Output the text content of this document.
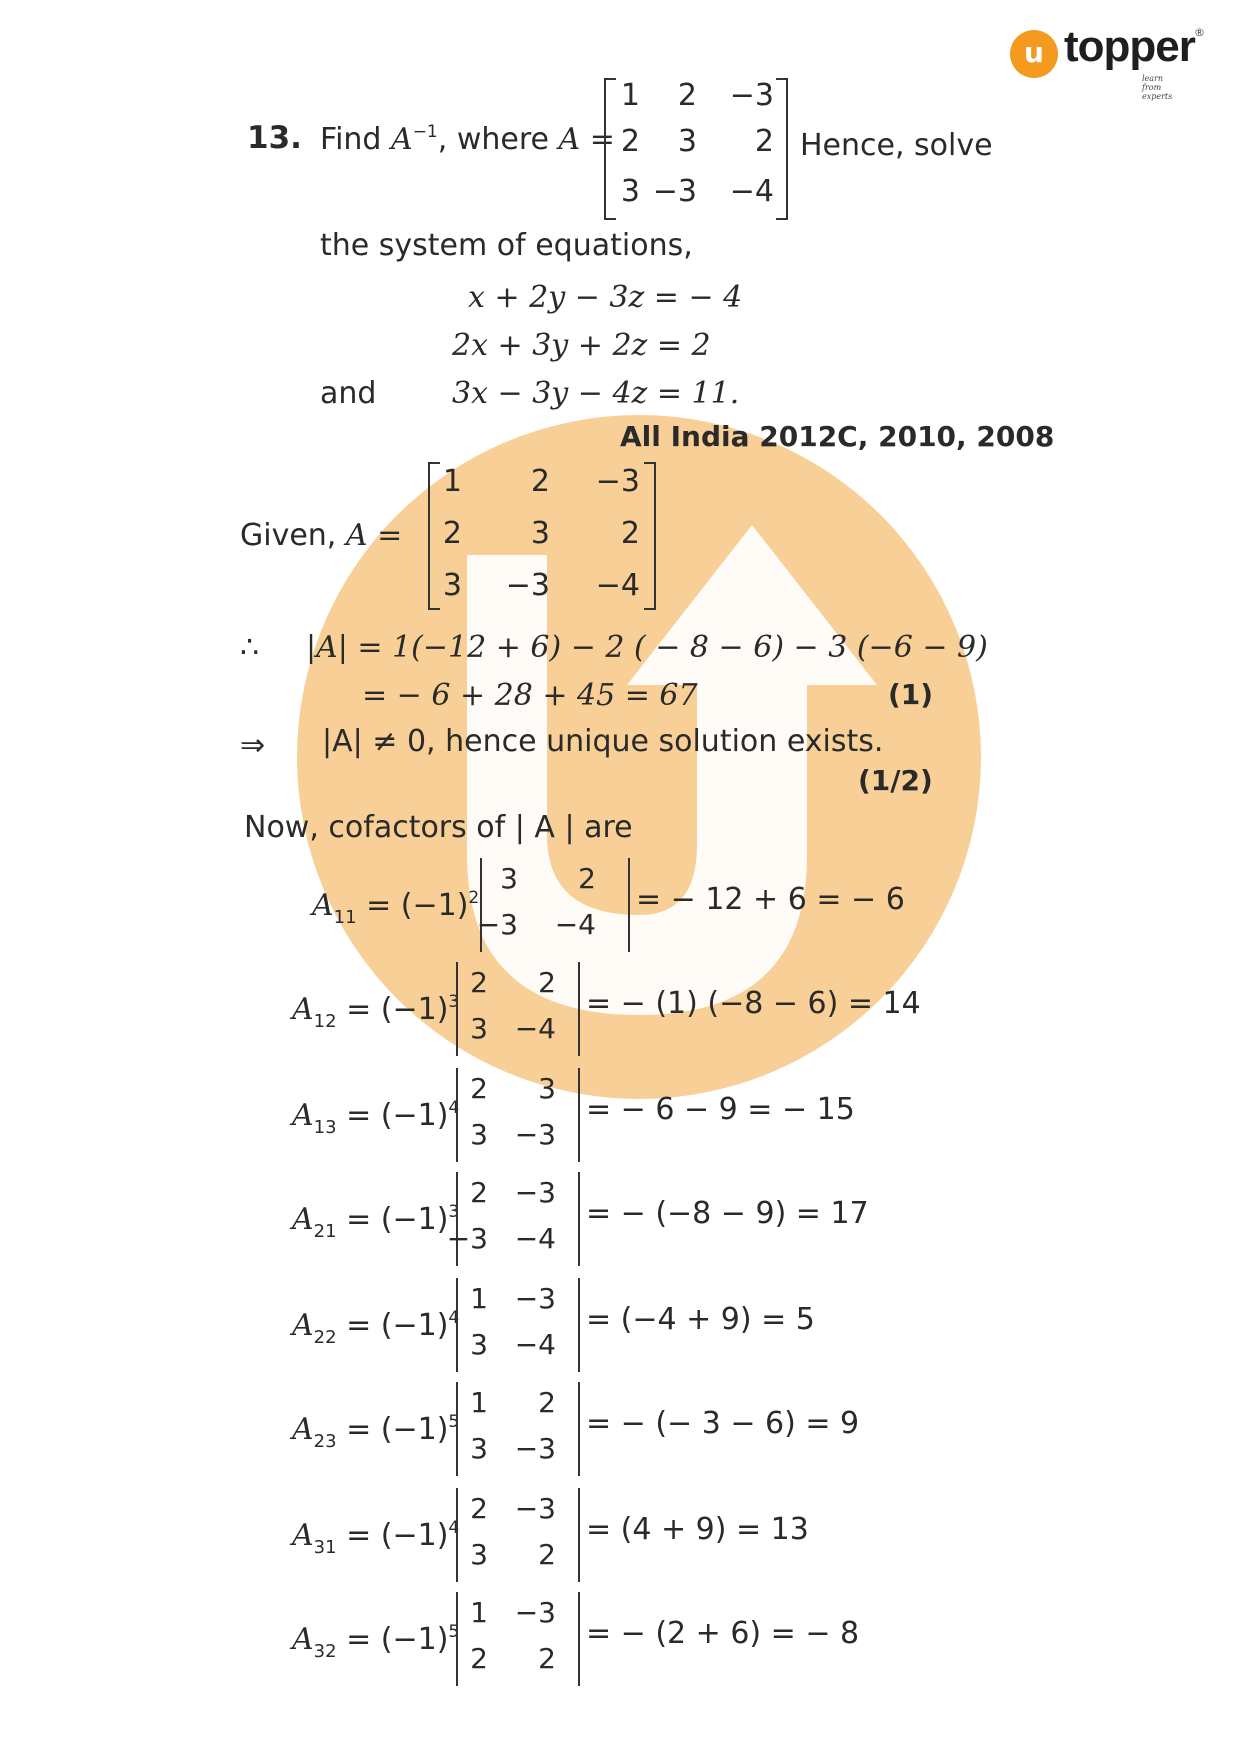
u topper ®
learn from experts
13. Find $A^{-1}$, where A =
1	2	−3
2	3	2
3 −3	−4
Hence, solve
the system of equations,
x + 2y − 3z = − 4
2x + 3y + 2z = 2
and	3x − 3y − 4z = 11.
All India 2012C, 2010, 2008
Given, A =
1	2	−3
2	3	2
3	−3	−4
∴ |A| = 1(−12 + 6) − 2 ( − 8 − 6) − 3 (−6 − 9)
= − 6 + 28 + 45 = 67	(1)
⇒ |A| ≠ 0, hence unique solution exists.
(1/2)
Now, cofactors of | A | are
$A_{11} = (-1)^2$
3	2
−3 −4
= − 12 + 6 = − 6
$A_{12} = (-1)^3$
2	2
3 −4
= − (1) (−8 − 6) = 14
$A_{13} = (-1)^4$
2	3
3 −3
= − 6 − 9 = − 15
$A_{21} = (-1)^3$
2 −3
−3 −4
= − (−8 − 9) = 17
$A_{22} = (-1)^4$
1 −3
3 −4
= (−4 + 9) = 5
$A_{23} = (-1)^5$
1	2
3 −3
= − (− 3 − 6) = 9
$A_{31} = (-1)^4$
2 −3
3	2
= (4 + 9) = 13
$A_{32} = (-1)^5$
1 −3
2	2
= − (2 + 6) = − 8
